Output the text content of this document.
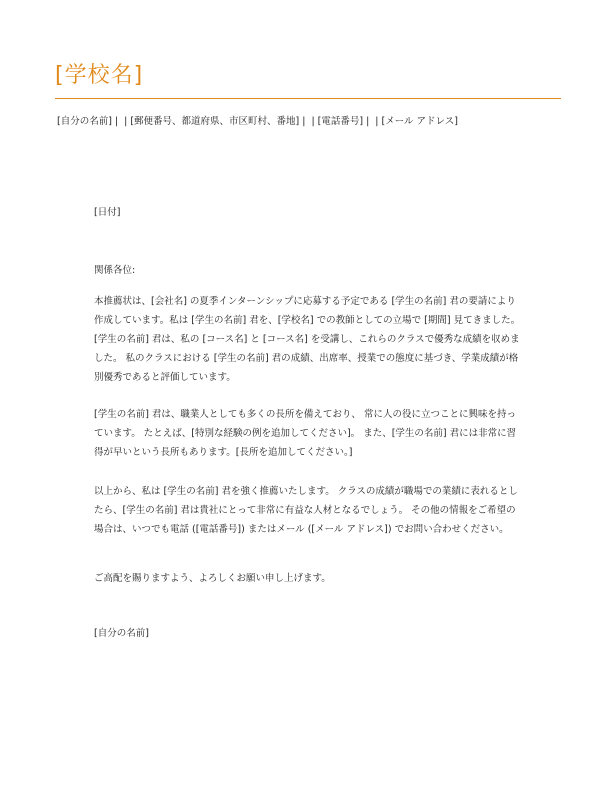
[学校名]
[自分の名前] | | [郵便番号、都道府県、市区町村、番地] | | [電話番号] | | [メール アドレス]

[日付]

関係各位:

本推薦状は、[会社名] の夏季インターンシップに応募する予定である [学生の名前] 君の要請により作成しています。私は [学生の名前] 君を、[学校名] での教師としての立場で [期間] 見てきました。 [学生の名前] 君は、私の [コース名] と [コース名] を受講し、これらのクラスで優秀な成績を収めました。 私のクラスにおける [学生の名前] 君の成績、出席率、授業での態度に基づき、学業成績が格別優秀であると評価しています。

[学生の名前] 君は、職業人としても多くの長所を備えており、 常に人の役に立つことに興味を持っています。 たとえば、[特別な経験の例を追加してください]。 また、[学生の名前] 君には非常に習得が早いという長所もあります。[長所を追加してください。]

以上から、私は [学生の名前] 君を強く推薦いたします。 クラスの成績が職場での業績に表れるとしたら、[学生の名前] 君は貴社にとって非常に有益な人材となるでしょう。 その他の情報をご希望の場合は、いつでも電話 ([電話番号]) またはメール ([メール アドレス]) でお問い合わせください。

ご高配を賜りますよう、よろしくお願い申し上げます。

[自分の名前]
